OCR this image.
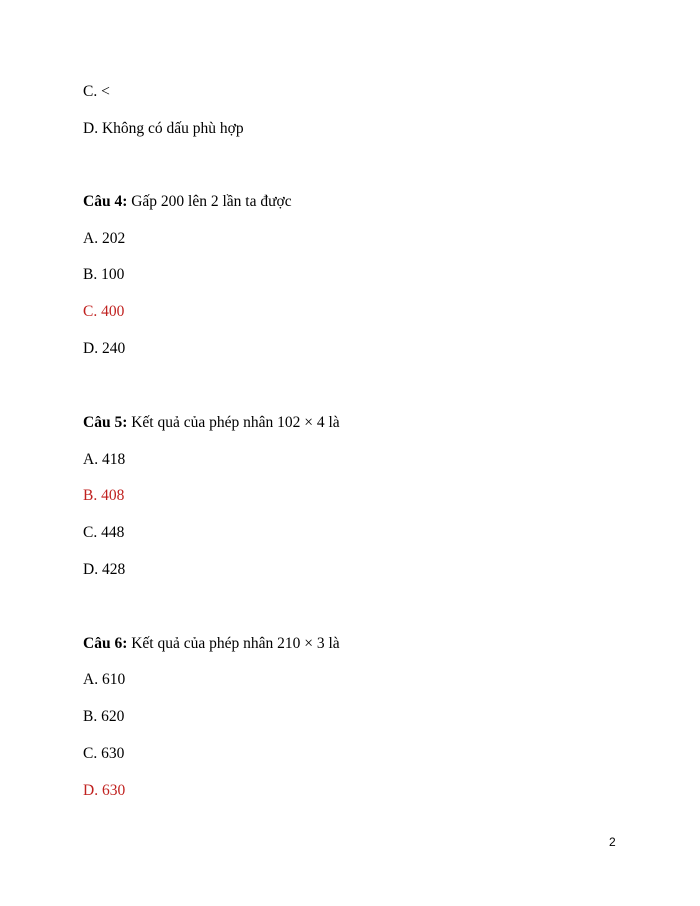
C. <
D. Không có dấu phù hợp
Câu 4: Gấp 200 lên 2 lần ta được
A. 202
B. 100
C. 400
D. 240
Câu 5: Kết quả của phép nhân 102 × 4 là
A. 418
B. 408
C. 448
D. 428
Câu 6: Kết quả của phép nhân 210 × 3 là
A. 610
B. 620
C. 630
D. 630
2
